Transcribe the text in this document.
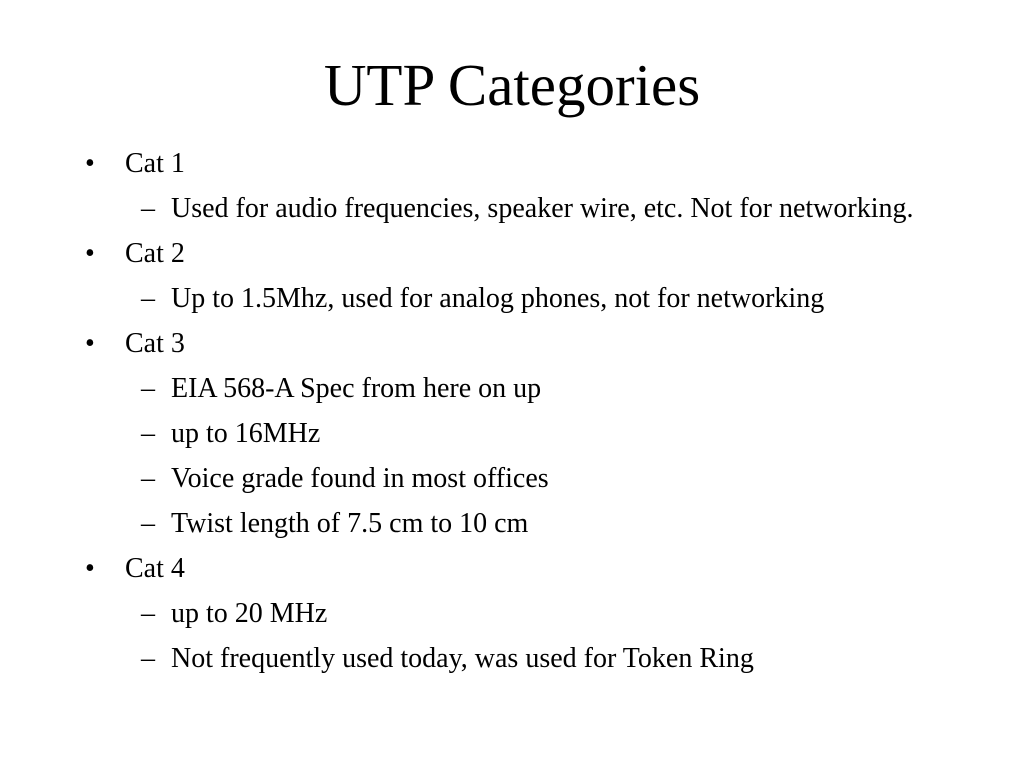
UTP Categories
• Cat 1
– Used for audio frequencies, speaker wire, etc. Not for networking.
• Cat 2
– Up to 1.5Mhz, used for analog phones, not for networking
• Cat 3
– EIA 568-A Spec from here on up
– up to 16MHz
– Voice grade found in most offices
– Twist length of 7.5 cm to 10 cm
• Cat 4
– up to 20 MHz
– Not frequently used today, was used for Token Ring
